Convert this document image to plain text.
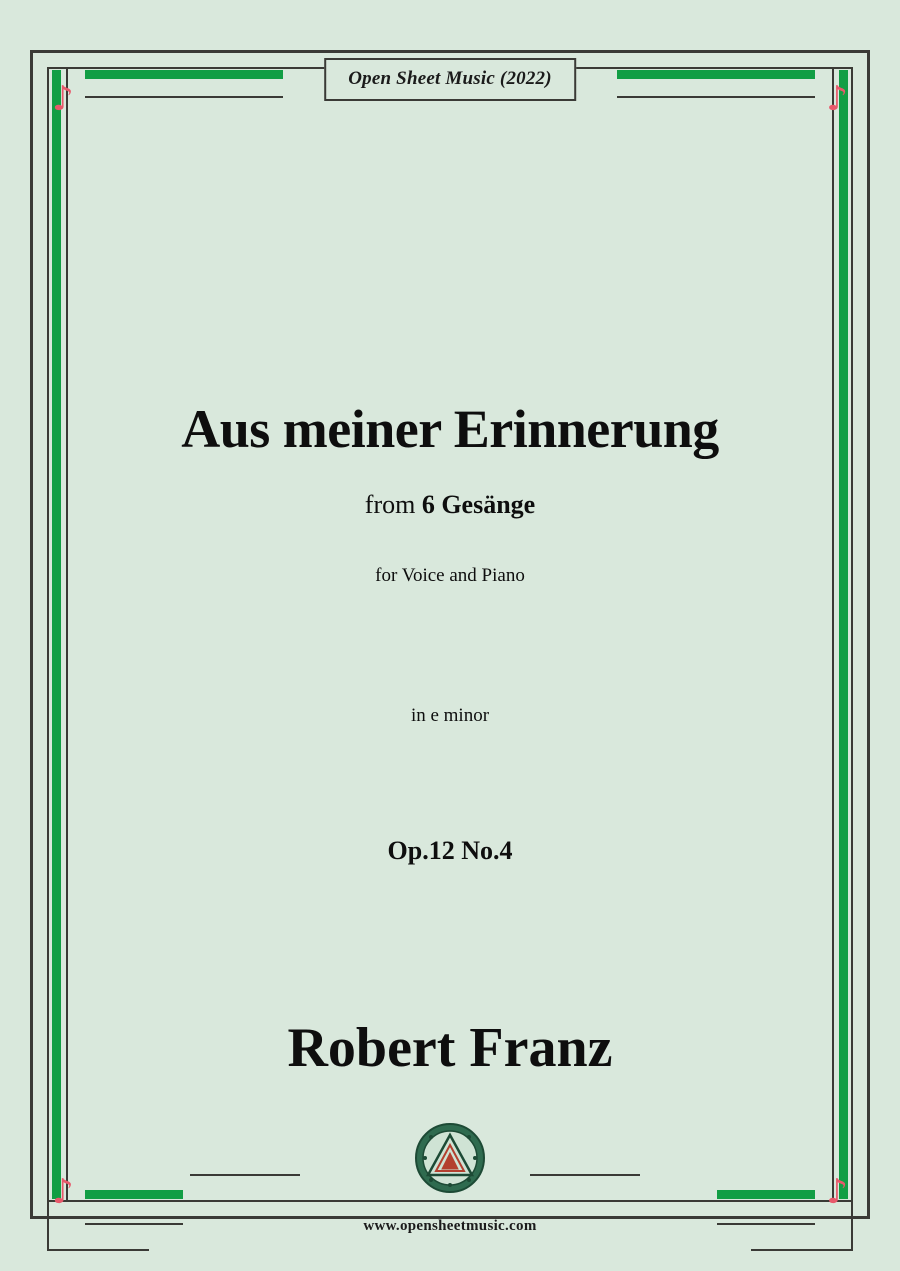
♪	♪
♪	♪
Open Sheet Music (2022)
Aus meiner Erinnerung
from 6 Gesänge
for Voice and Piano
in e minor
Op.12 No.4
Robert Franz
www.opensheetmusic.com
